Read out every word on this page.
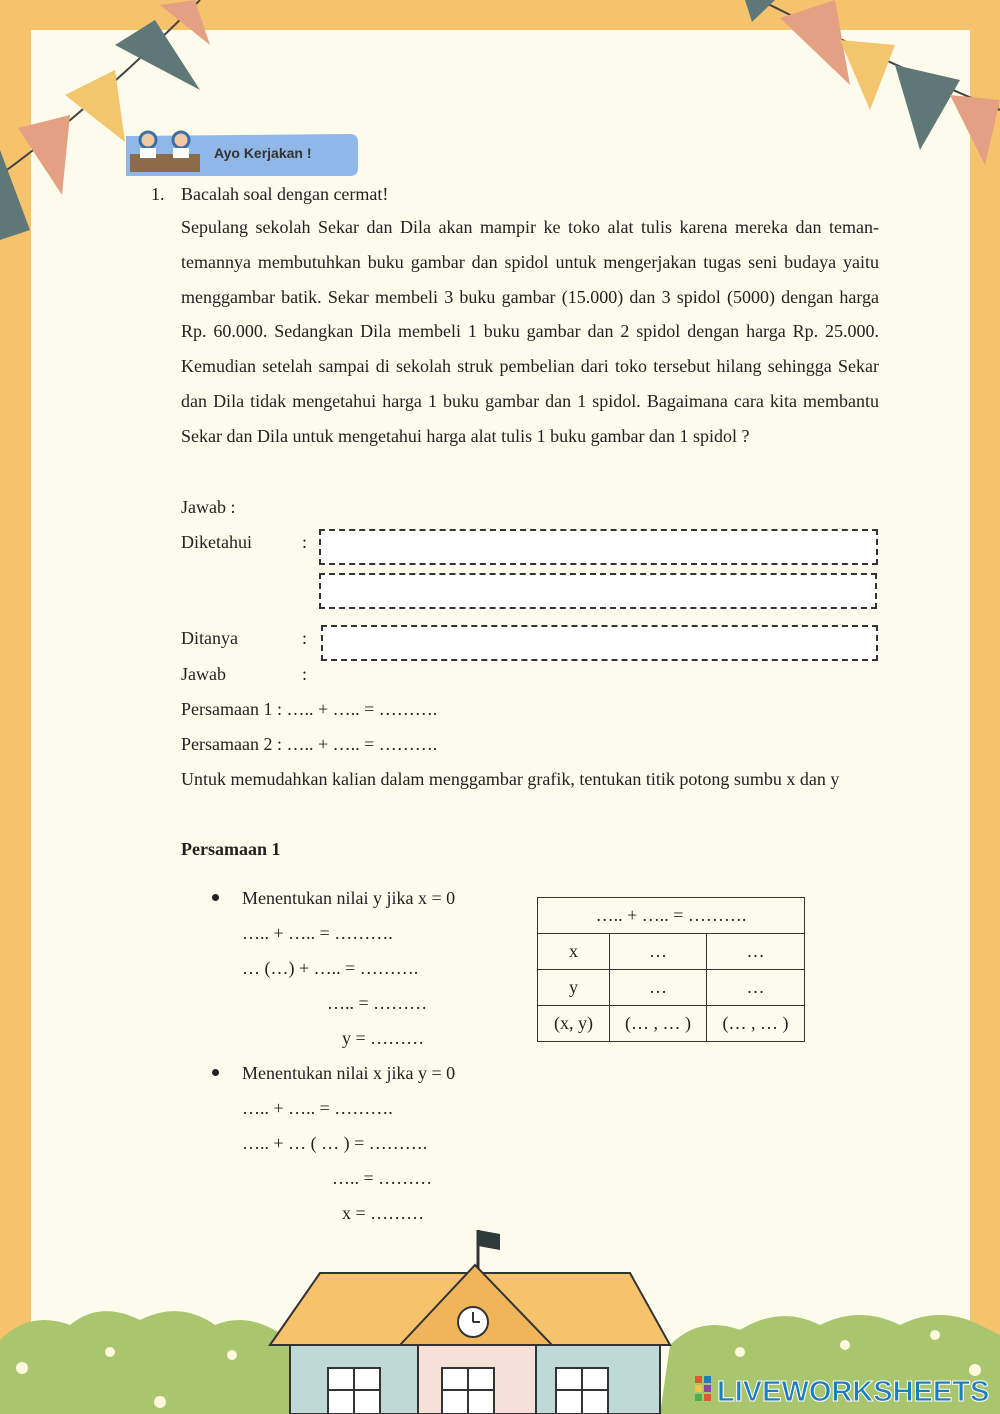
Ayo Kerjakan !
1. Bacalah soal dengan cermat!
Sepulang sekolah Sekar dan Dila akan mampir ke toko alat tulis karena mereka dan teman-temannya membutuhkan buku gambar dan spidol untuk mengerjakan tugas seni budaya yaitu menggambar batik. Sekar membeli 3 buku gambar (15.000) dan 3 spidol (5000) dengan harga Rp. 60.000. Sedangkan Dila membeli 1 buku gambar dan 2 spidol dengan harga Rp. 25.000. Kemudian setelah sampai di sekolah struk pembelian dari toko tersebut hilang sehingga Sekar dan Dila tidak mengetahui harga 1 buku gambar dan 1 spidol. Bagaimana cara kita membantu Sekar dan Dila untuk mengetahui harga alat tulis 1 buku gambar dan 1 spidol ?
Jawab :
Diketahui	:
Ditanya	:
Jawab	:
Persamaan 1 : ….. + ….. = ……….
Persamaan 2 : ….. + ….. = ……….
Untuk memudahkan kalian dalam menggambar grafik, tentukan titik potong sumbu x dan y
Persamaan 1
Menentukan nilai y jika x = 0
….. + ….. = ……….
… (…) + ….. = ……….
….. = ………
y = ………
Menentukan nilai x jika y = 0
….. + ….. = ……….
….. + … ( … ) = ……….
….. = ………
x = ………
….. + ….. = ……….		
x	…	…
y	…	…
(x, y)	(… , … )	(… , … )
LIVEWORKSHEETS
